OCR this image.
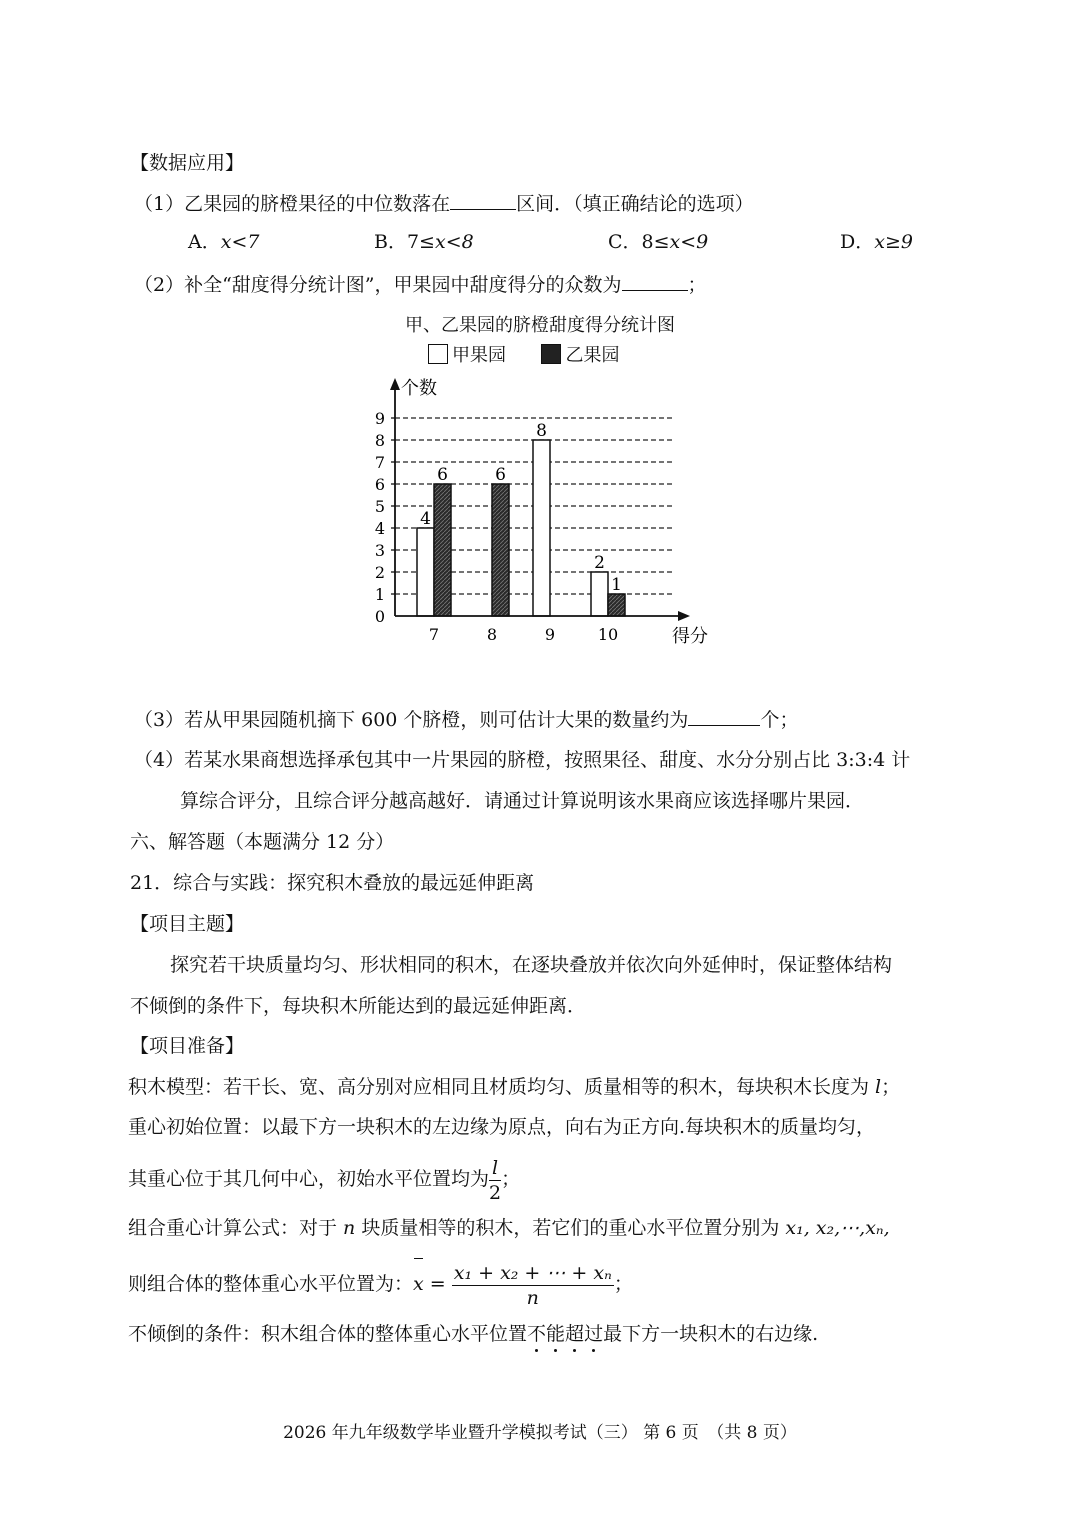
【数据应用】
（1）乙果园的脐橙果径的中位数落在	区间．（填正确结论的选项）
A．x<7	B．7≤x<8	C．8≤x<9	D．x≥9
（2）补全“甜度得分统计图”，甲果园中甜度得分的众数为	；
甲、乙果园的脐橙甜度得分统计图
甲果园	乙果园
0
1
2
3
4
5
6
7
8
9
个数
得分
7
4
6
8
6
9
8
10
2
1
（3）若从甲果园随机摘下 600 个脐橙，则可估计大果的数量约为	个；
（4）若某水果商想选择承包其中一片果园的脐橙，按照果径、甜度、水分分别占比 3:3:4 计
算综合评分，且综合评分越高越好．请通过计算说明该水果商应该选择哪片果园．
六、解答题（本题满分 12 分）
21．综合与实践：探究积木叠放的最远延伸距离
【项目主题】
探究若干块质量均匀、形状相同的积木，在逐块叠放并依次向外延伸时，保证整体结构
不倾倒的条件下，每块积木所能达到的最远延伸距离．
【项目准备】
积木模型：若干长、宽、高分别对应相同且材质均匀、质量相等的积木，每块积木长度为 l；
重心初始位置：以最下方一块积木的左边缘为原点，向右为正方向.每块积木的质量均匀，
其重心位于其几何中心，初始水平位置均为 $\frac{l}{2}$ ；
组合重心计算公式：对于 n 块质量相等的积木，若它们的重心水平位置分别为 x₁, x₂,⋯,xₙ,
则组合体的整体重心水平位置为：$x = \frac{\text{x₁ + x₂ + ⋯ + xₙ}}{n}$ ；
不倾倒的条件：积木组合体的整体重心水平位置不能超过最下方一块积木的右边缘.
2026 年九年级数学毕业暨升学模拟考试（三） 第 6 页　（共 8 页）
